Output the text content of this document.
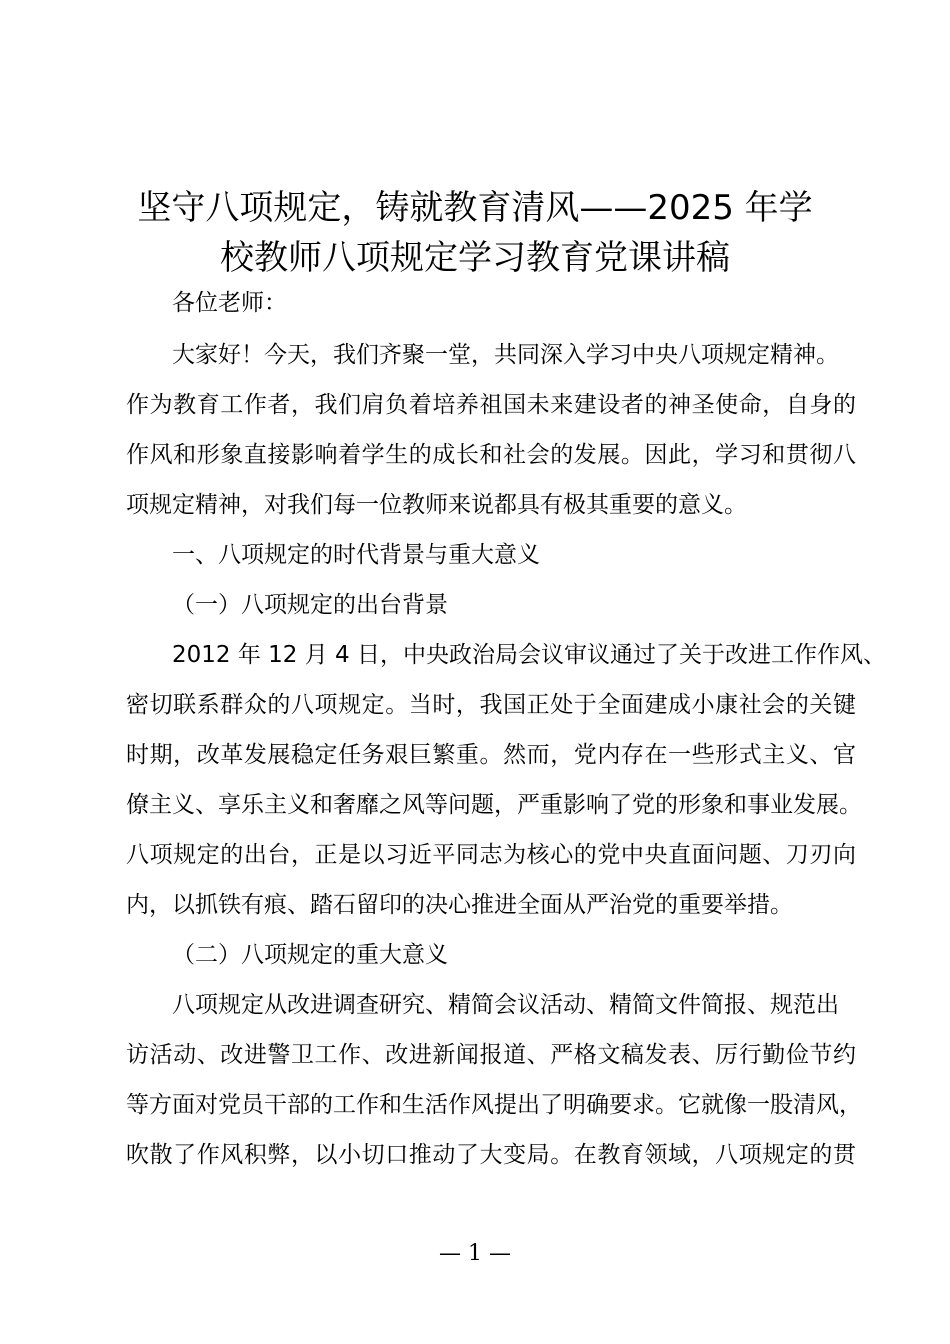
坚守八项规定，铸就教育清风——2025 年学
校教师八项规定学习教育党课讲稿
各位老师：
大家好！今天，我们齐聚一堂，共同深入学习中央八项规定精神。
作为教育工作者，我们肩负着培养祖国未来建设者的神圣使命，自身的
作风和形象直接影响着学生的成长和社会的发展。因此，学习和贯彻八
项规定精神，对我们每一位教师来说都具有极其重要的意义。
一、八项规定的时代背景与重大意义
（一）八项规定的出台背景
2012 年 12 月 4 日，中央政治局会议审议通过了关于改进工作作风、
密切联系群众的八项规定。当时，我国正处于全面建成小康社会的关键
时期，改革发展稳定任务艰巨繁重。然而，党内存在一些形式主义、官
僚主义、享乐主义和奢靡之风等问题，严重影响了党的形象和事业发展。
八项规定的出台，正是以习近平同志为核心的党中央直面问题、刀刃向
内，以抓铁有痕、踏石留印的决心推进全面从严治党的重要举措。
（二）八项规定的重大意义
八项规定从改进调查研究、精简会议活动、精简文件简报、规范出
访活动、改进警卫工作、改进新闻报道、严格文稿发表、厉行勤俭节约
等方面对党员干部的工作和生活作风提出了明确要求。它就像一股清风，
吹散了作风积弊，以小切口推动了大变局。在教育领域，八项规定的贯
— 1 —
